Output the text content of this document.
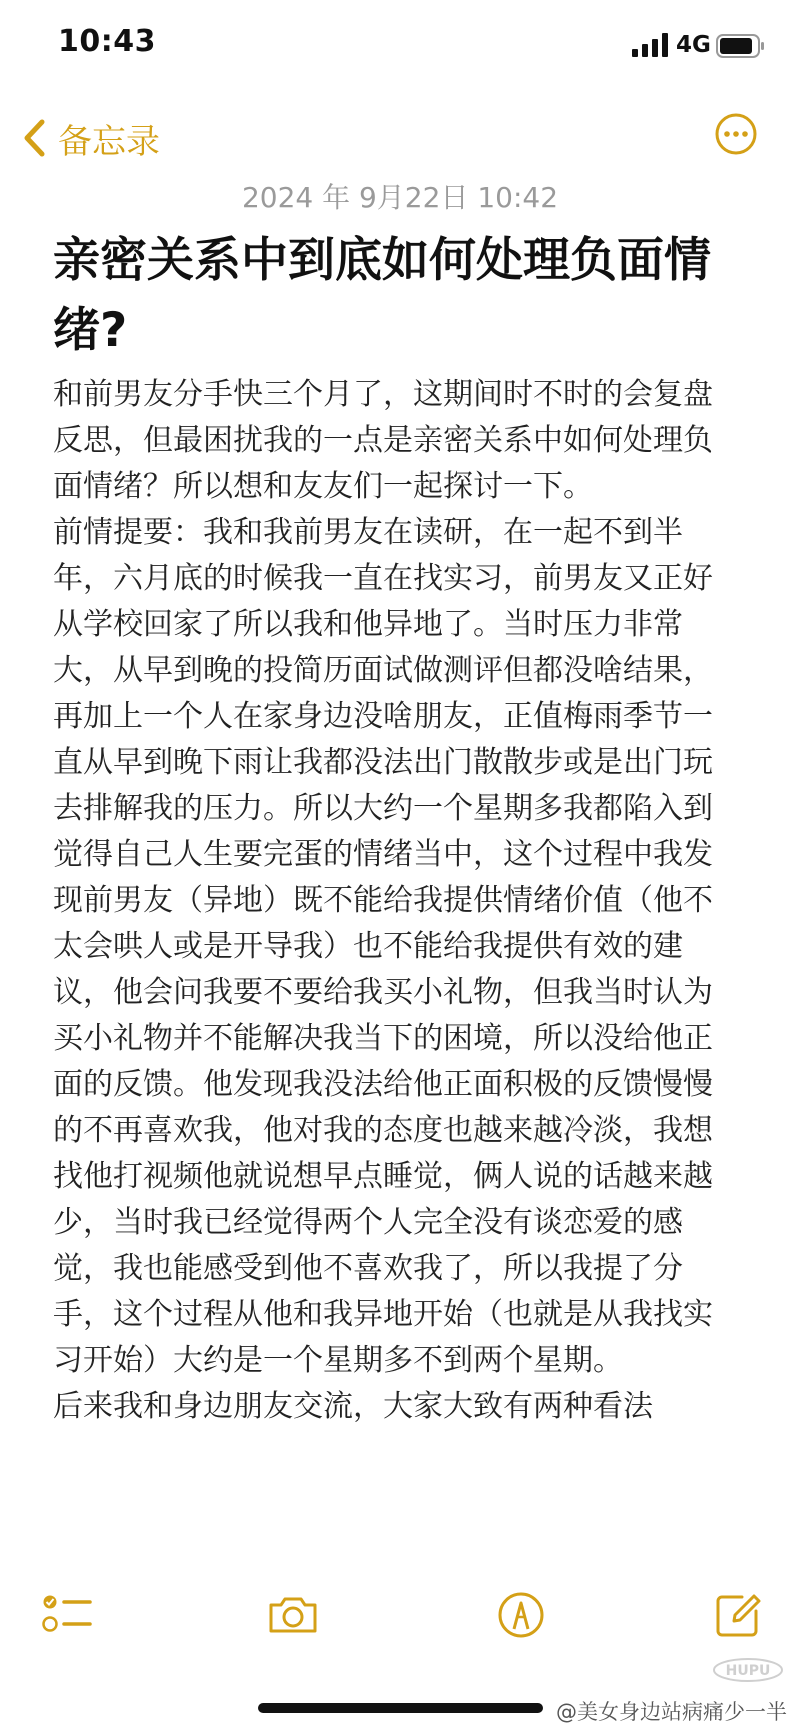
10:43	4G
备忘录
2024 年 9月22日 10:42
亲密关系中到底如何处理负面情绪?

和前男友分手快三个月了，这期间时不时的会复盘反思，但最困扰我的一点是亲密关系中如何处理负面情绪？所以想和友友们一起探讨一下。

前情提要：我和我前男友在读研，在一起不到半年，六月底的时候我一直在找实习，前男友又正好从学校回家了所以我和他异地了。当时压力非常大，从早到晚的投简历面试做测评但都没啥结果，再加上一个人在家身边没啥朋友，正值梅雨季节一直从早到晚下雨让我都没法出门散散步或是出门玩去排解我的压力。所以大约一个星期多我都陷入到觉得自己人生要完蛋的情绪当中，这个过程中我发现前男友（异地）既不能给我提供情绪价值（他不太会哄人或是开导我）也不能给我提供有效的建议，他会问我要不要给我买小礼物，但我当时认为买小礼物并不能解决我当下的困境，所以没给他正面的反馈。他发现我没法给他正面积极的反馈慢慢的不再喜欢我，他对我的态度也越来越冷淡，我想找他打视频他就说想早点睡觉，俩人说的话越来越少，当时我已经觉得两个人完全没有谈恋爱的感觉，我也能感受到他不喜欢我了，所以我提了分手，这个过程从他和我异地开始（也就是从我找实习开始）大约是一个星期多不到两个星期。

后来我和身边朋友交流，大家大致有两种看法

HUPU
@美女身边站病痛少一半
